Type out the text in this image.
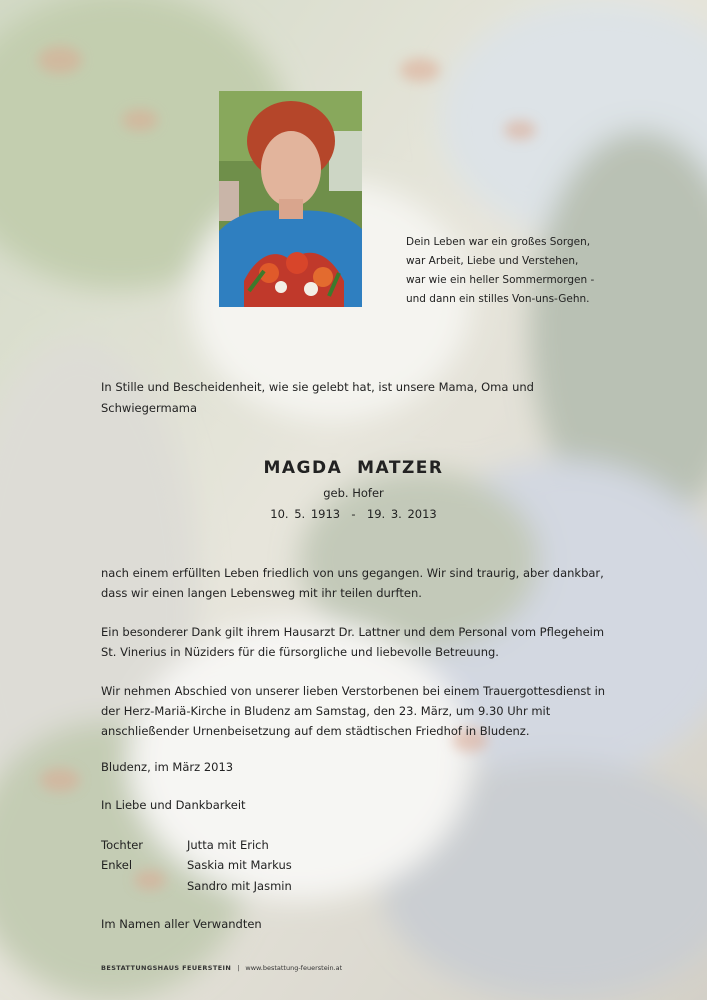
Dein Leben war ein großes Sorgen,
war Arbeit, Liebe und Verstehen,
war wie ein heller Sommermorgen -
und dann ein stilles Von-uns-Gehn.
In Stille und Bescheidenheit, wie sie gelebt hat, ist unsere Mama, Oma und Schwiegermama
MAGDA  MATZER
geb. Hofer
10. 5. 1913  -  19. 3. 2013
nach einem erfüllten Leben friedlich von uns gegangen. Wir sind traurig, aber dankbar, dass wir einen langen Lebensweg mit ihr teilen durften.
Ein besonderer Dank gilt ihrem Hausarzt Dr. Lattner und dem Personal vom Pflegeheim St. Vinerius in Nüziders für die fürsorgliche und liebevolle Betreuung.
Wir nehmen Abschied von unserer lieben Verstorbenen bei einem Trauergottesdienst in der Herz-Mariä-Kirche in Bludenz am Samstag, den 23. März, um 9.30 Uhr mit anschließender Urnenbeisetzung auf dem städtischen Friedhof in Bludenz.
Bludenz, im März 2013
In Liebe und Dankbarkeit
Tochter	Jutta mit Erich
Enkel	Saskia mit Markus
Sandro mit Jasmin
Im Namen aller Verwandten
BESTATTUNGSHAUS FEUERSTEIN | www.bestattung-feuerstein.at
